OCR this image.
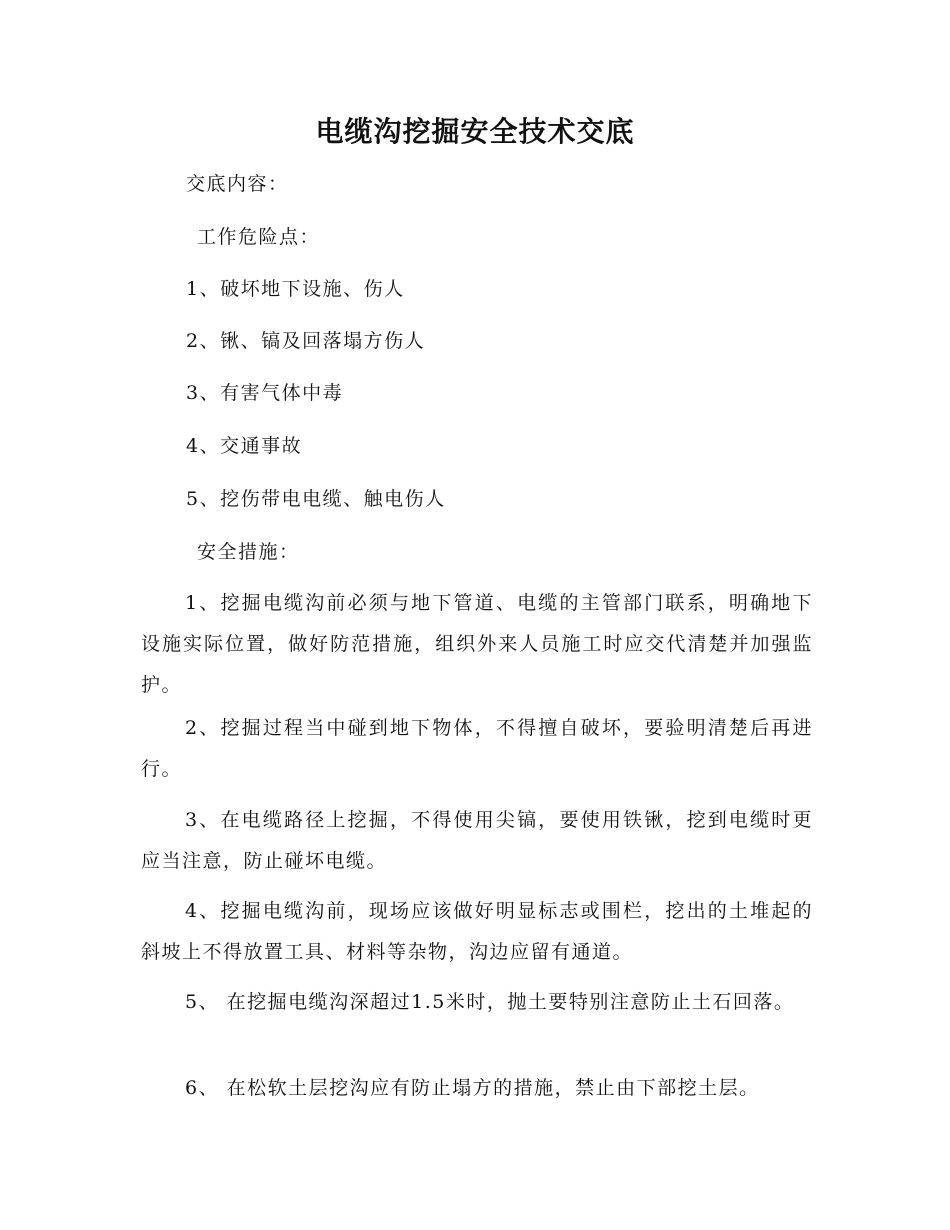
电缆沟挖掘安全技术交底
交底内容：
工作危险点：
1、破坏地下设施、伤人
2、锹、镐及回落塌方伤人
3、有害气体中毒
4、交通事故
5、挖伤带电电缆、触电伤人
安全措施：
1、挖掘电缆沟前必须与地下管道、电缆的主管部门联系，明确地下设施实际位置，做好防范措施，组织外来人员施工时应交代清楚并加强监护。
2、挖掘过程当中碰到地下物体，不得擅自破坏，要验明清楚后再进行。
3、在电缆路径上挖掘，不得使用尖镐，要使用铁锹，挖到电缆时更应当注意，防止碰坏电缆。
4、挖掘电缆沟前，现场应该做好明显标志或围栏，挖出的土堆起的斜坡上不得放置工具、材料等杂物，沟边应留有通道。
5、 在挖掘电缆沟深超过1.5米时，抛土要特别注意防止土石回落。
6、 在松软土层挖沟应有防止塌方的措施，禁止由下部挖土层。
